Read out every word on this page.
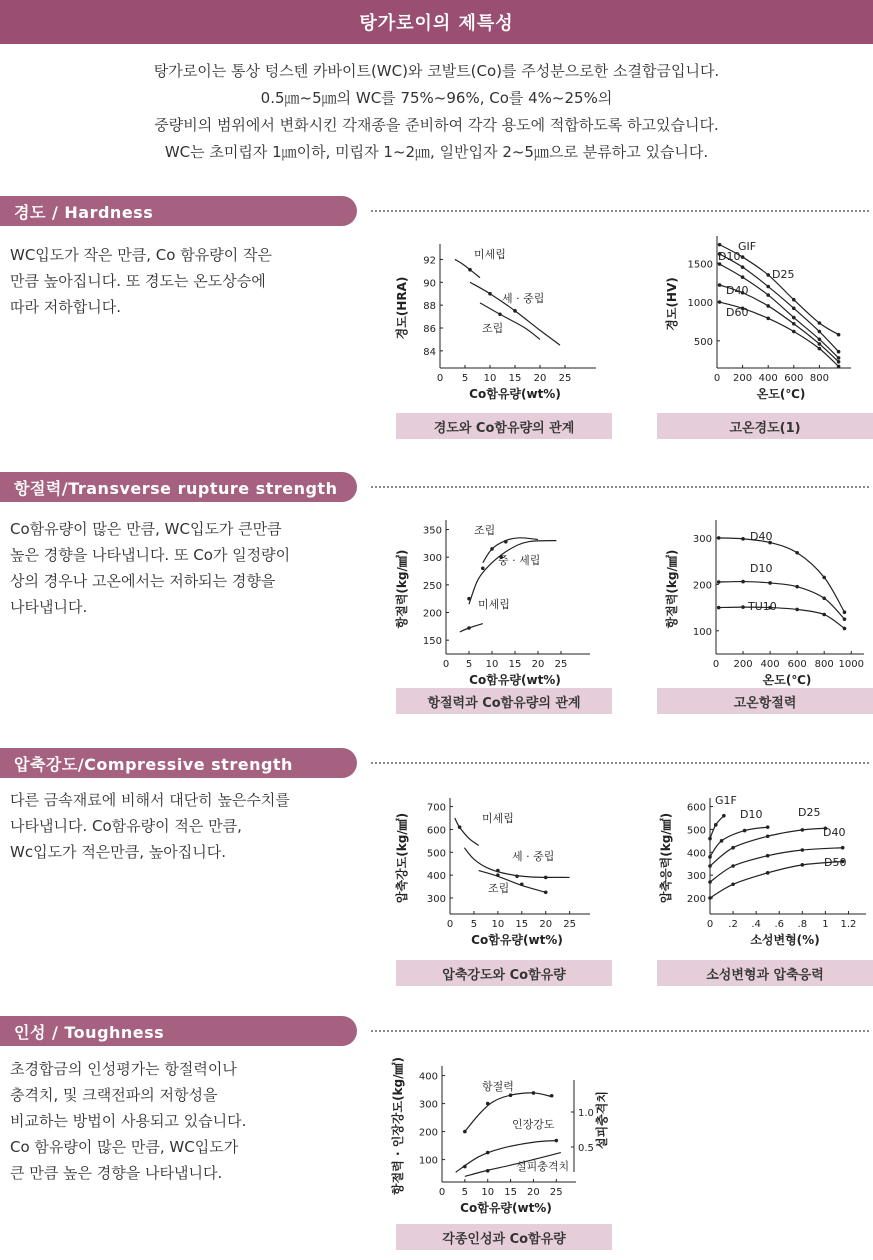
탕가로이의 제특성
탕가로이는 통상 텅스텐 카바이트(WC)와 코발트(Co)를 주성분으로한 소결합금입니다.
0.5㎛~5㎛의 WC를 75%~96%, Co를 4%~25%의
중량비의 범위에서 변화시킨 각재종을 준비하여 각각 용도에 적합하도록 하고있습니다.
WC는 초미립자 1㎛이하, 미립자 1~2㎛, 일반입자 2~5㎛으로 분류하고 있습니다.
경도 / Hardness
WC입도가 작은 만큼, Co 함유량이 작은
만큼 높아집니다. 또 경도는 온도상승에
따라 저하합니다.
0 5 10 15 20 25
84
86
88
90
92
Co함유량(wt%)
경도(HRA)
미세립
세 · 중립
조립
0 200 400 600 800
500
1000
1500
온도(℃)
경도(HV)
GIF
D25
D10
D40
D60
경도와 Co함유량의 관계	고온경도(1)
항절력/Transverse rupture strength
Co함유량이 많은 만큼, WC입도가 큰만큼
높은 경향을 나타냅니다. 또 Co가 일정량이
상의 경우나 고온에서는 저하되는 경향을
나타냅니다.
0 5 10 15 20 25
150
200
250
300
350
Co함유량(wt%)
항절력(kg/㎟)
조립
중 · 세립
미세립
0 200 400 600 800 1000
100
200
300
온도(℃)
항절력(kg/㎟)
D40
D10
TU10
항절력과 Co함유량의 관계	고온항절력
압축강도/Compressive strength
다른 금속재료에 비해서 대단히 높은수치를
나타냅니다. Co함유량이 적은 만큼,
Wc입도가 적은만큼, 높아집니다.
0 5 10 15 20 25
300
400
500
600
700
Co함유량(wt%)
압축강도(kg/㎟)	미세립
세 · 중립
조립
0 .2 .4 .6 .8 1 1.2
200
300
400
500
600
소성변형(%)
압축응력(kg/㎟)
G1F
D10	D25
D40
D50
압축강도와 Co함유량	소성변형과 압축응력
인성 / Toughness
초경합금의 인성평가는 항절력이나
충격치, 및 크랙전파의 저항성을
비교하는 방법이 사용되고 있습니다.
Co 함유량이 많은 만큼, WC입도가
큰 만큼 높은 경향을 나타냅니다.
0 5 10 15 20 25
100
200
300
400
Co함유량(wt%)
항절력 · 인장강도(kg/㎟)	0.5
1.0 설피충격치
항절력
인장강도
설피충격치
각종인성과 Co함유량
